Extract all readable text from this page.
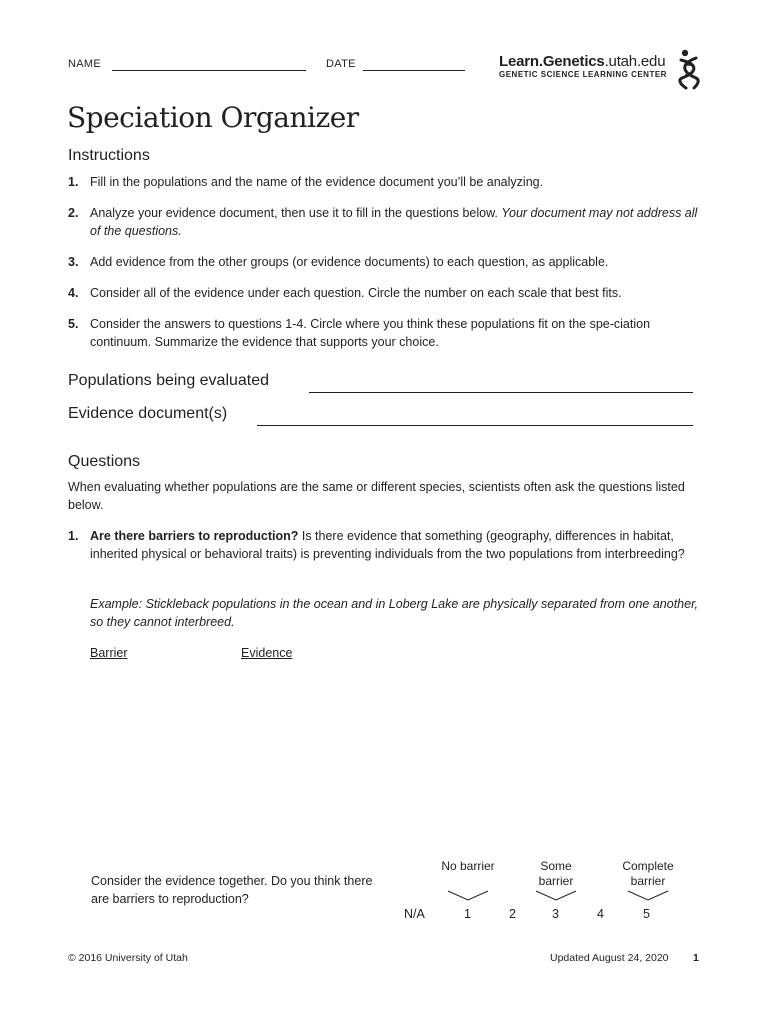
NAME	DATE	Learn.Genetics.utah.edu
GENETIC SCIENCE LEARNING CENTER
Speciation Organizer
Instructions
1. Fill in the populations and the name of the evidence document you’ll be analyzing.
2. Analyze your evidence document, then use it to fill in the questions below. Your document may not address all of the questions.
3. Add evidence from the other groups (or evidence documents) to each question, as applicable.
4. Consider all of the evidence under each question. Circle the number on each scale that best fits.
5. Consider the answers to questions 1-4. Circle where you think these populations fit on the spe-ciation continuum. Summarize the evidence that supports your choice.
Populations being evaluated
Evidence document(s)
Questions
When evaluating whether populations are the same or different species, scientists often ask the questions listed below.
1. Are there barriers to reproduction? Is there evidence that something (geography, differences in habitat, inherited physical or behavioral traits) is preventing individuals from the two populations from interbreeding?
Example: Stickleback populations in the ocean and in Loberg Lake are physically separated from one another, so they cannot interbreed.
Barrier	Evidence
Consider the evidence together. Do you think there are barriers to reproduction?
No barrier	Some barrier
Complete barrier
N/A	1	2	3	4	5
© 2016 University of Utah	Updated August 24, 2020 1
